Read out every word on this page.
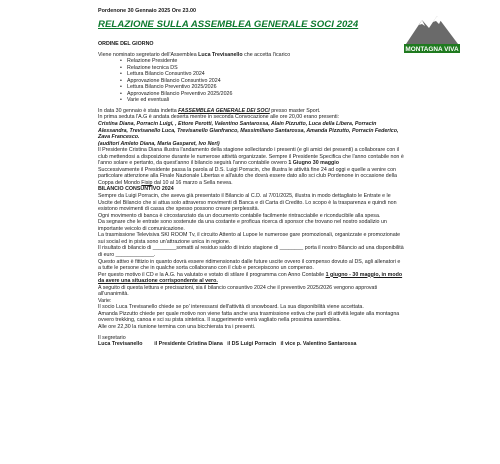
Pordenone 30 Gennaio 2025 Ore 23.00
RELAZIONE SULLA ASSEMBLEA GENERALE SOCI 2024
MONTAGNA VIVA

ORDINE DEL GIORNO

Viene nominato segretario dell'Assemblea Luca Trevisanello che accetta l'icarico

• Relazione Presidente
• Relazione tecnica DS
• Lettura Bilancio Consuntivo 2024
• Approvazione Bilancio Consuntivo 2024
• Lettura Bilancio Preventivo 2025/2026
• Approvazione Bilancio Preventivo 2025/2026
• Varie ed eventuali

In data 30 gennaio è stata indetta FASSEMBLEA GENERALE DEI SOCI presso master Sport.

In prima seduta l'A.G è andata deserta mentre in seconda Convocazione alle ore 20,00 erano presenti:

Cristina Diana, Porracin Luigi, , Ettore Perotti, Valentino Santarossa, Alain Pizzutto, Luca della Libera, Porracin Alessandra, Trevisanello Luca, Trevisanello Gianfranco, Massimiliano Santarossa, Amanda Pizzutto, Porracin Federico, Zava Francesco.

(auditori Amleto Diana, Maria Gasparet, Ivo Neri)

Il Presidente Cristina Diana illustra l'andamento della stagione sollecitando i presenti (e gli amici dei presenti) a collaborare con il club mettendosi a disposizione durante le numerose attività organizzate. Sempre il Presidente Specifica che l'anno contabile non è l'anno solare e pertanto, da quest'anno il bilancio seguirà l'anno contabile ovvero 1 Giugno 30 maggio

Successivamente il Presidente passa la parola al D.S. Luigi Porracin, che illustra le attività fine 24 ad oggi e quelle a venire con particolare attenzione alla Finale Nazionale Libertas e all'aiuto che dovrà essere dato allo sci club Pordenone in occasione della Coppa del Mondo Fisip dal 10 al 16 marzo a Sella nevea.

BILANCIO CONSUNTIVO 2024

Sempre da Luigi Porracin, che aveva già presentato il Bilancio al C.D. al 7/01/2025, illustra in modo dettagliato le Entrate e le Uscite del Bilancio che si attua solo attraverso movimenti di Banca e di Carta di Credito. Lo scopo è la trasparenza e quindi non esistono movimenti di cassa che spesso possono creare perplessità.

Ogni movimento di banca è circostanziato da un documento contabile facilmente rintracciabile e riconducibile alla spesa.

Da segnare che le entrate sono sostenute da una costante e proficua ricerca di sponsor che trovano nel nostro sodalizio un importante veicolo di comunicazione.

La trasmissione Televisiva SKI ROOM Tv, il circuito Attento al Lupoe le numerose gare promozionali, organizzate e promozionate sui social ed in pista sono un'attrazione unica in regione.

Il risultato di bilancio di ________somatti al residuo saldo di inizio stagione di ________ porta il nostro Bilancio ad una disponibilità di euro _____________.

Questo attivo è fittizio in quanto dovrà essere ridimensionato dalle future uscite ovvero il compenso dovuto al DS, agli allenatori e a tutte le persone che in qualche sorta collaborano con il club e percepiscono un compenso.

Per questo motivo il CD e la A.G. ha valutato e votato di stilare il programma con Anno Contabile 1 giugno - 30 maggio, in modo da avere una situazione corrispondente al vero.

A seguito di questa lettura e precisazioni, sia il bilancio consuntivo 2024 che il preventivo 2025/2026 vengono approvati all'unanimità.

Varie:

Il socio Luca Trevisanello chiede se po' interessarsi dell'attività di snowboard. La sua disponibilità viene accettata.

Amanda Pizzutto chiede per quale motivo non viene fatta anche una trasmissione estiva che parli di attività legate alla montagna ovvero trekking, canoa e sci su pista sintetica. Il suggerimento verrà vagliato nella prossima assemblea.

Alle ore 22,30 la riunione termina con una bicchierata tra i presenti.

Il segretario

Luca Trevisanello il Presidente Cristina Diana il DS Luigi Porracin il vice p. Valentino Santarossa
